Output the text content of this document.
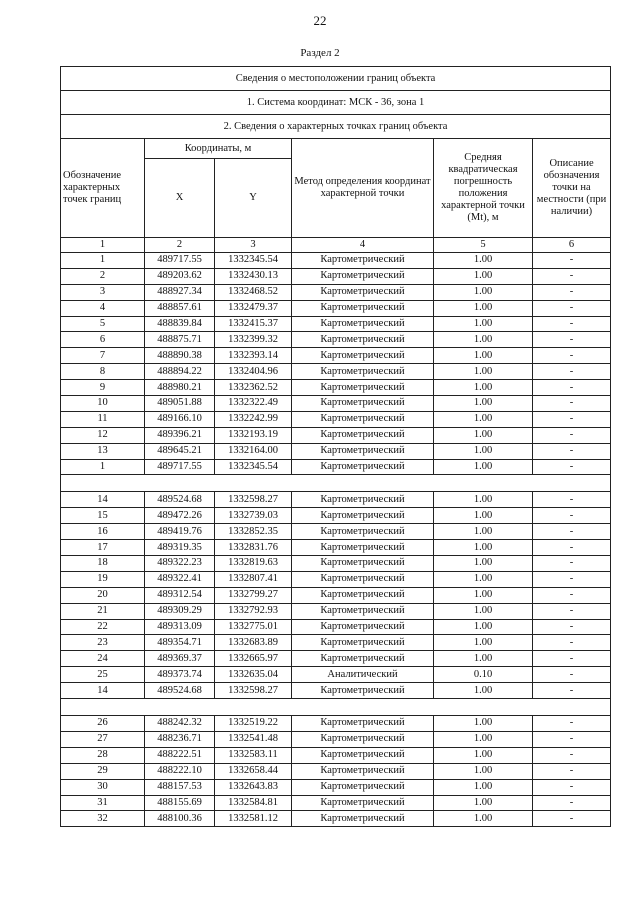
22
Раздел 2
Сведения о местоположении границ объекта					
1. Система координат: МСК - 36, зона 1					
2. Сведения о характерных точках границ объекта					
Обозначение характерных точек границ	Координаты, м		Метод определения координат характерной точки	Средняя квадратическая погрешность положения характерной точки (Mt), м	Описание обозначения точки на местности (при наличии)
	X	Y			
1	2	3	4	5	6
1	489717.55	1332345.54	Картометрический	1.00	-
2	489203.62	1332430.13	Картометрический	1.00	-
3	488927.34	1332468.52	Картометрический	1.00	-
4	488857.61	1332479.37	Картометрический	1.00	-
5	488839.84	1332415.37	Картометрический	1.00	-
6	488875.71	1332399.32	Картометрический	1.00	-
7	488890.38	1332393.14	Картометрический	1.00	-
8	488894.22	1332404.96	Картометрический	1.00	-
9	488980.21	1332362.52	Картометрический	1.00	-
10	489051.88	1332322.49	Картометрический	1.00	-
11	489166.10	1332242.99	Картометрический	1.00	-
12	489396.21	1332193.19	Картометрический	1.00	-
13	489645.21	1332164.00	Картометрический	1.00	-
1	489717.55	1332345.54	Картометрический	1.00	-

14	489524.68	1332598.27	Картометрический	1.00	-
15	489472.26	1332739.03	Картометрический	1.00	-
16	489419.76	1332852.35	Картометрический	1.00	-
17	489319.35	1332831.76	Картометрический	1.00	-
18	489322.23	1332819.63	Картометрический	1.00	-
19	489322.41	1332807.41	Картометрический	1.00	-
20	489312.54	1332799.27	Картометрический	1.00	-
21	489309.29	1332792.93	Картометрический	1.00	-
22	489313.09	1332775.01	Картометрический	1.00	-
23	489354.71	1332683.89	Картометрический	1.00	-
24	489369.37	1332665.97	Картометрический	1.00	-
25	489373.74	1332635.04	Аналитический	0.10	-
14	489524.68	1332598.27	Картометрический	1.00	-

26	488242.32	1332519.22	Картометрический	1.00	-
27	488236.71	1332541.48	Картометрический	1.00	-
28	488222.51	1332583.11	Картометрический	1.00	-
29	488222.10	1332658.44	Картометрический	1.00	-
30	488157.53	1332643.83	Картометрический	1.00	-
31	488155.69	1332584.81	Картометрический	1.00	-
32	488100.36	1332581.12	Картометрический	1.00	-
